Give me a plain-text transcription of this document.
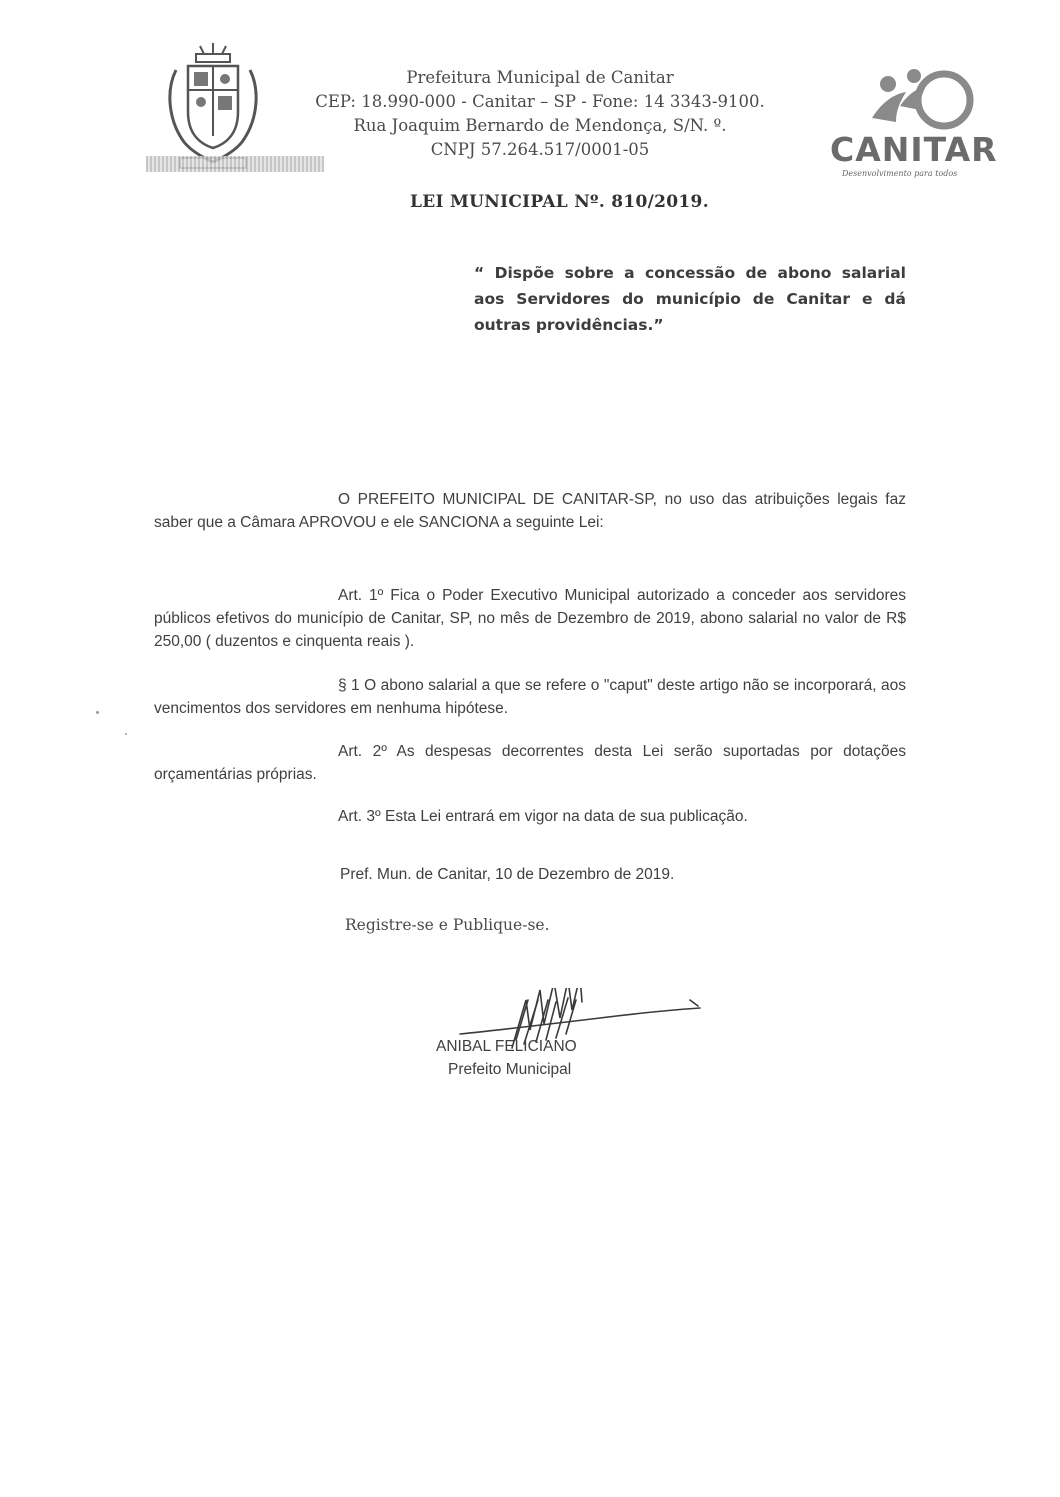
Prefeitura Municipal de Canitar
CEP: 18.990-000 - Canitar – SP - Fone: 14 3343-9100.
Rua Joaquim Bernardo de Mendonça, S/N. º.
CNPJ 57.264.517/0001-05	CANITAR
Desenvolvimento para todos
LEI MUNICIPAL Nº. 810/2019.
“ Dispõe sobre a concessão de abono salarial aos Servidores do município de Canitar e dá outras providências.”
O PREFEITO MUNICIPAL DE CANITAR-SP, no uso das atribuições legais faz saber que a Câmara APROVOU e ele SANCIONA a seguinte Lei:
Art. 1º Fica o Poder Executivo Municipal autorizado a conceder aos servidores públicos efetivos do município de Canitar, SP, no mês de Dezembro de 2019, abono salarial no valor de R$ 250,00 ( duzentos e cinquenta reais ).
§ 1 O abono salarial a que se refere o "caput" deste artigo não se incorporará, aos vencimentos dos servidores em nenhuma hipótese.
Art. 2º As despesas decorrentes desta Lei serão suportadas por dotações orçamentárias próprias.
Art. 3º Esta Lei entrará em vigor na data de sua publicação.
Pref. Mun. de Canitar, 10 de Dezembro de 2019.
Registre-se e Publique-se.
ANIBAL FELICIANO
Prefeito Municipal
